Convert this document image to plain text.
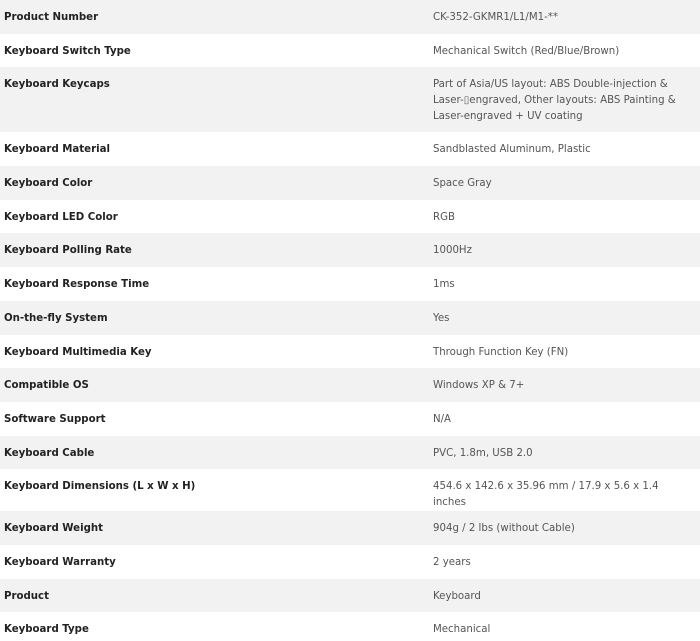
Product Number	CK-352-GKMR1/L1/M1-**
Keyboard Switch Type	Mechanical Switch (Red/Blue/Brown)
Keyboard Keycaps	Part of Asia/US layout: ABS Double-injection & Laser-▯engraved, Other layouts: ABS Painting & Laser-engraved + UV coating
Keyboard Material	Sandblasted Aluminum, Plastic
Keyboard Color	Space Gray
Keyboard LED Color	RGB
Keyboard Polling Rate	1000Hz
Keyboard Response Time	1ms
On-the-fly System	Yes
Keyboard Multimedia Key	Through Function Key (FN)
Compatible OS	Windows XP & 7+
Software Support	N/A
Keyboard Cable	PVC, 1.8m, USB 2.0
Keyboard Dimensions (L x W x H)	454.6 x 142.6 x 35.96 mm / 17.9 x 5.6 x 1.4 inches
Keyboard Weight	904g / 2 lbs (without Cable)
Keyboard Warranty	2 years
Product	Keyboard
Keyboard Type	Mechanical
